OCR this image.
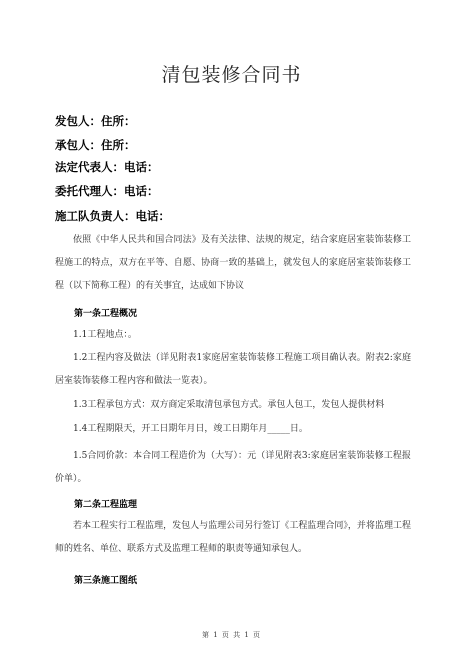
清包装修合同书
发包人：住所：
承包人：住所：
法定代表人：电话：
委托代理人：电话：
施工队负责人：电话：

依照《中华人民共和国合同法》及有关法律、法规的规定，结合家庭居室装饰装修工程施工的特点，双方在平等、自愿、协商一致的基础上，就发包人的家庭居室装饰装修工程（以下简称工程）的有关事宜，达成如下协议

第一条工程概况

1.1工程地点：。

1.2工程内容及做法（详见附表1家庭居室装饰装修工程施工项目确认表。附表2:家庭居室装饰装修工程内容和做法一览表）。

1.3工程承包方式：双方商定采取清包承包方式。承包人包工，发包人提供材料

1.4工程期限天，开工日期年月日，竣工日期年月_____日。

1.5合同价款：本合同工程造价为（大写）：元（详见附表3:家庭居室装饰装修工程报价单）。

第二条工程监理

若本工程实行工程监理，发包人与监理公司另行签订《工程监理合同》，并将监理工程师的姓名、单位、联系方式及监理工程师的职责等通知承包人。

第三条施工图纸
第 1 页 共 1 页
